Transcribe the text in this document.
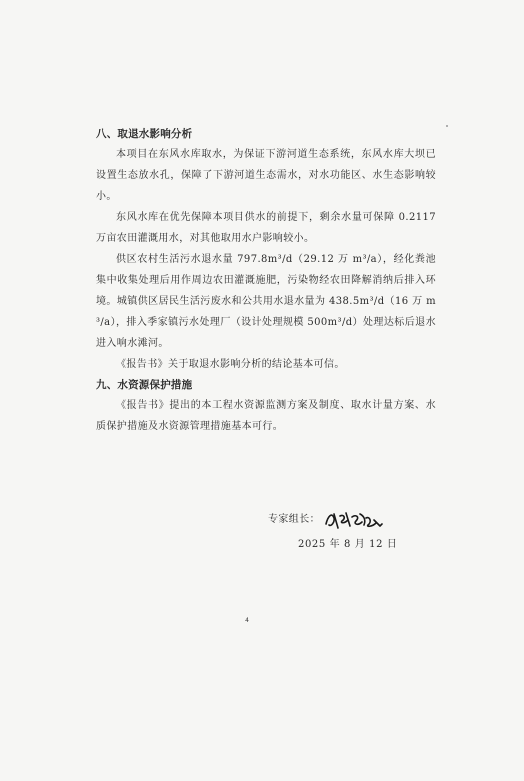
八、取退水影响分析

本项目在东风水库取水，为保证下游河道生态系统，东风水库大坝已设置生态放水孔，保障了下游河道生态需水，对水功能区、水生态影响较小。

东风水库在优先保障本项目供水的前提下，剩余水量可保障 0.2117 万亩农田灌溉用水，对其他取用水户影响较小。

供区农村生活污水退水量 797.8m³/d（29.12 万 m³/a），经化粪池集中收集处理后用作周边农田灌溉施肥，污染物经农田降解消纳后排入环境。城镇供区居民生活污废水和公共用水退水量为 438.5m³/d（16 万 m³/a），排入季家镇污水处理厂（设计处理规模 500m³/d）处理达标后退水进入响水滩河。

《报告书》关于取退水影响分析的结论基本可信。

九、水资源保护措施

《报告书》提出的本工程水资源监测方案及制度、取水计量方案、水质保护措施及水资源管理措施基本可行。

专家组长：
2025 年 8 月 12 日
4
